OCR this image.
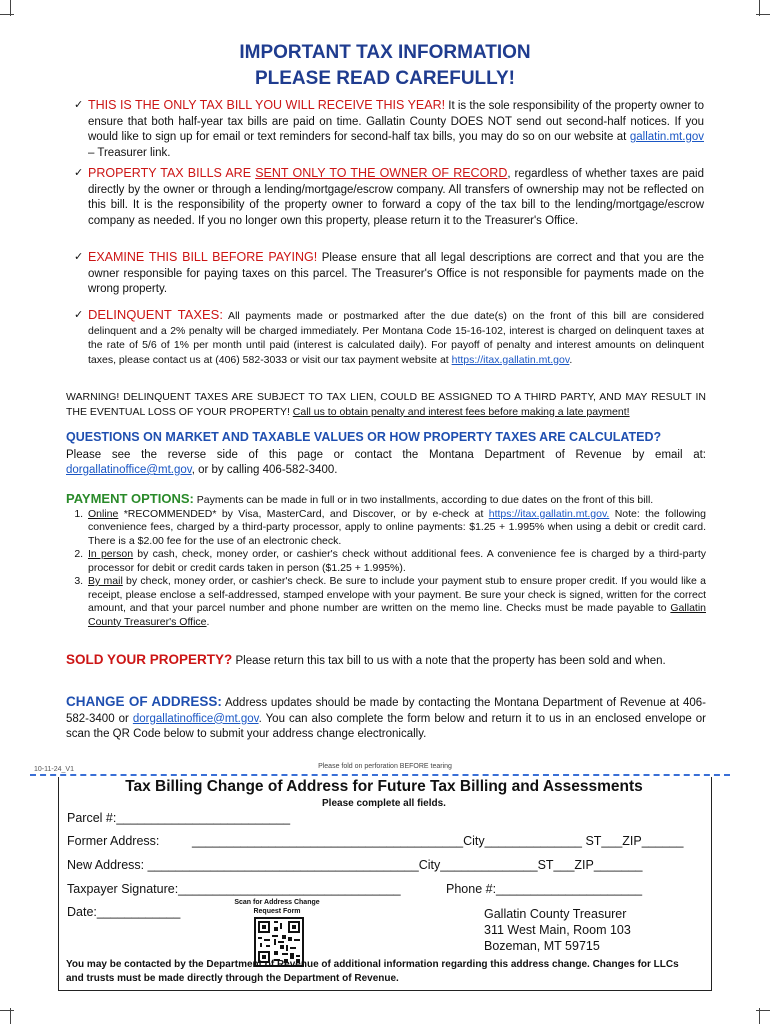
IMPORTANT TAX INFORMATION
PLEASE READ CAREFULLY!
✓ THIS IS THE ONLY TAX BILL YOU WILL RECEIVE THIS YEAR! It is the sole responsibility of the property owner to ensure that both half-year tax bills are paid on time. Gallatin County DOES NOT send out second-half notices. If you would like to sign up for email or text reminders for second-half tax bills, you may do so on our website at gallatin.mt.gov – Treasurer link.
✓ PROPERTY TAX BILLS ARE SENT ONLY TO THE OWNER OF RECORD, regardless of whether taxes are paid directly by the owner or through a lending/mortgage/escrow company. All transfers of ownership may not be reflected on this bill. It is the responsibility of the property owner to forward a copy of the tax bill to the lending/mortgage/escrow company as needed. If you no longer own this property, please return it to the Treasurer's Office.
✓ EXAMINE THIS BILL BEFORE PAYING! Please ensure that all legal descriptions are correct and that you are the owner responsible for paying taxes on this parcel. The Treasurer's Office is not responsible for payments made on the wrong property.
✓ DELINQUENT TAXES: All payments made or postmarked after the due date(s) on the front of this bill are considered delinquent and a 2% penalty will be charged immediately. Per Montana Code 15-16-102, interest is charged on delinquent taxes at the rate of 5/6 of 1% per month until paid (interest is calculated daily). For payoff of penalty and interest amounts on delinquent taxes, please contact us at (406) 582-3033 or visit our tax payment website at https://itax.gallatin.mt.gov.
WARNING! DELINQUENT TAXES ARE SUBJECT TO TAX LIEN, COULD BE ASSIGNED TO A THIRD PARTY, AND MAY RESULT IN THE EVENTUAL LOSS OF YOUR PROPERTY! Call us to obtain penalty and interest fees before making a late payment!
QUESTIONS ON MARKET AND TAXABLE VALUES OR HOW PROPERTY TAXES ARE CALCULATED?
Please see the reverse side of this page or contact the Montana Department of Revenue by email at: dorgallatinoffice@mt.gov, or by calling 406-582-3400.
PAYMENT OPTIONS: Payments can be made in full or in two installments, according to due dates on the front of this bill.
1. Online *RECOMMENDED* by Visa, MasterCard, and Discover, or by e-check at https://itax.gallatin.mt.gov. Note: the following convenience fees, charged by a third-party processor, apply to online payments: $1.25 + 1.995% when using a debit or credit card. There is a $2.00 fee for the use of an electronic check.
2. In person by cash, check, money order, or cashier's check without additional fees. A convenience fee is charged by a third-party processor for debit or credit cards taken in person ($1.25 + 1.995%).
3. By mail by check, money order, or cashier's check. Be sure to include your payment stub to ensure proper credit. If you would like a receipt, please enclose a self-addressed, stamped envelope with your payment. Be sure your check is signed, written for the correct amount, and that your parcel number and phone number are written on the memo line. Checks must be made payable to Gallatin County Treasurer's Office.
SOLD YOUR PROPERTY? Please return this tax bill to us with a note that the property has been sold and when.
CHANGE OF ADDRESS: Address updates should be made by contacting the Montana Department of Revenue at 406-582-3400 or dorgallatinoffice@mt.gov. You can also complete the form below and return it to us in an enclosed envelope or scan the QR Code below to submit your address change electronically.
Please fold on perforation BEFORE tearing
10-11-24_V1
Tax Billing Change of Address for Future Tax Billing and Assessments
Please complete all fields.
Parcel #:_________________________
Former Address:	_______________________________________City______________ ST___ZIP______
New Address: _______________________________________City______________ST___ZIP_______
Taxpayer Signature:________________________________	Phone #:_____________________
Date:____________
Scan for Address Change Request Form	Gallatin County Treasurer
311 West Main, Room 103
Bozeman, MT 59715
You may be contacted by the Department of Revenue of additional information regarding this address change. Changes for LLCs and trusts must be made directly through the Department of Revenue.
